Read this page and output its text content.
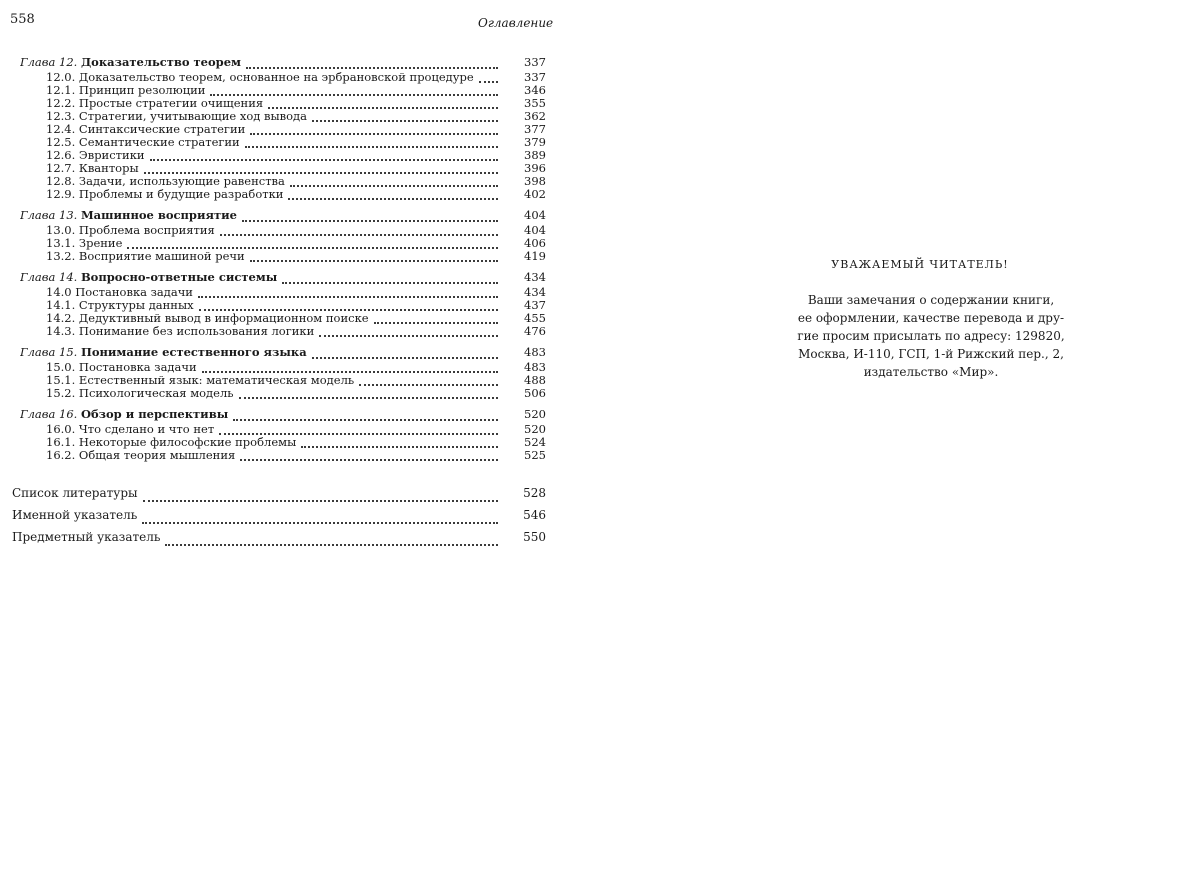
558	Оглавление
Глава 12. Доказательство теорем	337
12.0. Доказательство теорем, основанное на эрбрановской процедуре	337
12.1. Принцип резолюции	346
12.2. Простые стратегии очищения	355
12.3. Стратегии, учитывающие ход вывода	362
12.4. Синтаксические стратегии	377
12.5. Семантические стратегии	379
12.6. Эвристики	389
12.7. Кванторы	396
12.8. Задачи, использующие равенства	398
12.9. Проблемы и будущие разработки	402
Глава 13. Машинное восприятие	404
13.0. Проблема восприятия	404
13.1. Зрение	406
13.2. Восприятие машиной речи	419
Глава 14. Вопросно-ответные системы	434
14.0 Постановка задачи	434
14.1. Структуры данных	437
14.2. Дедуктивный вывод в информационном поиске	455
14.3. Понимание без использования логики	476
Глава 15. Понимание естественного языка	483
15.0. Постановка задачи	483
15.1. Естественный язык: математическая модель	488
15.2. Психологическая модель	506
Глава 16. Обзор и перспективы	520
16.0. Что сделано и что нет	520
16.1. Некоторые философские проблемы	524
16.2. Общая теория мышления	525
Список литературы	528
Именной указатель	546
Предметный указатель	550
УВАЖАЕМЫЙ ЧИТАТЕЛЬ!
Ваши замечания о содержании книги,
ее оформлении, качестве перевода и дру-
гие просим присылать по адресу: 129820,
Москва, И-110, ГСП, 1-й Рижский пер., 2,
издательство «Мир».
